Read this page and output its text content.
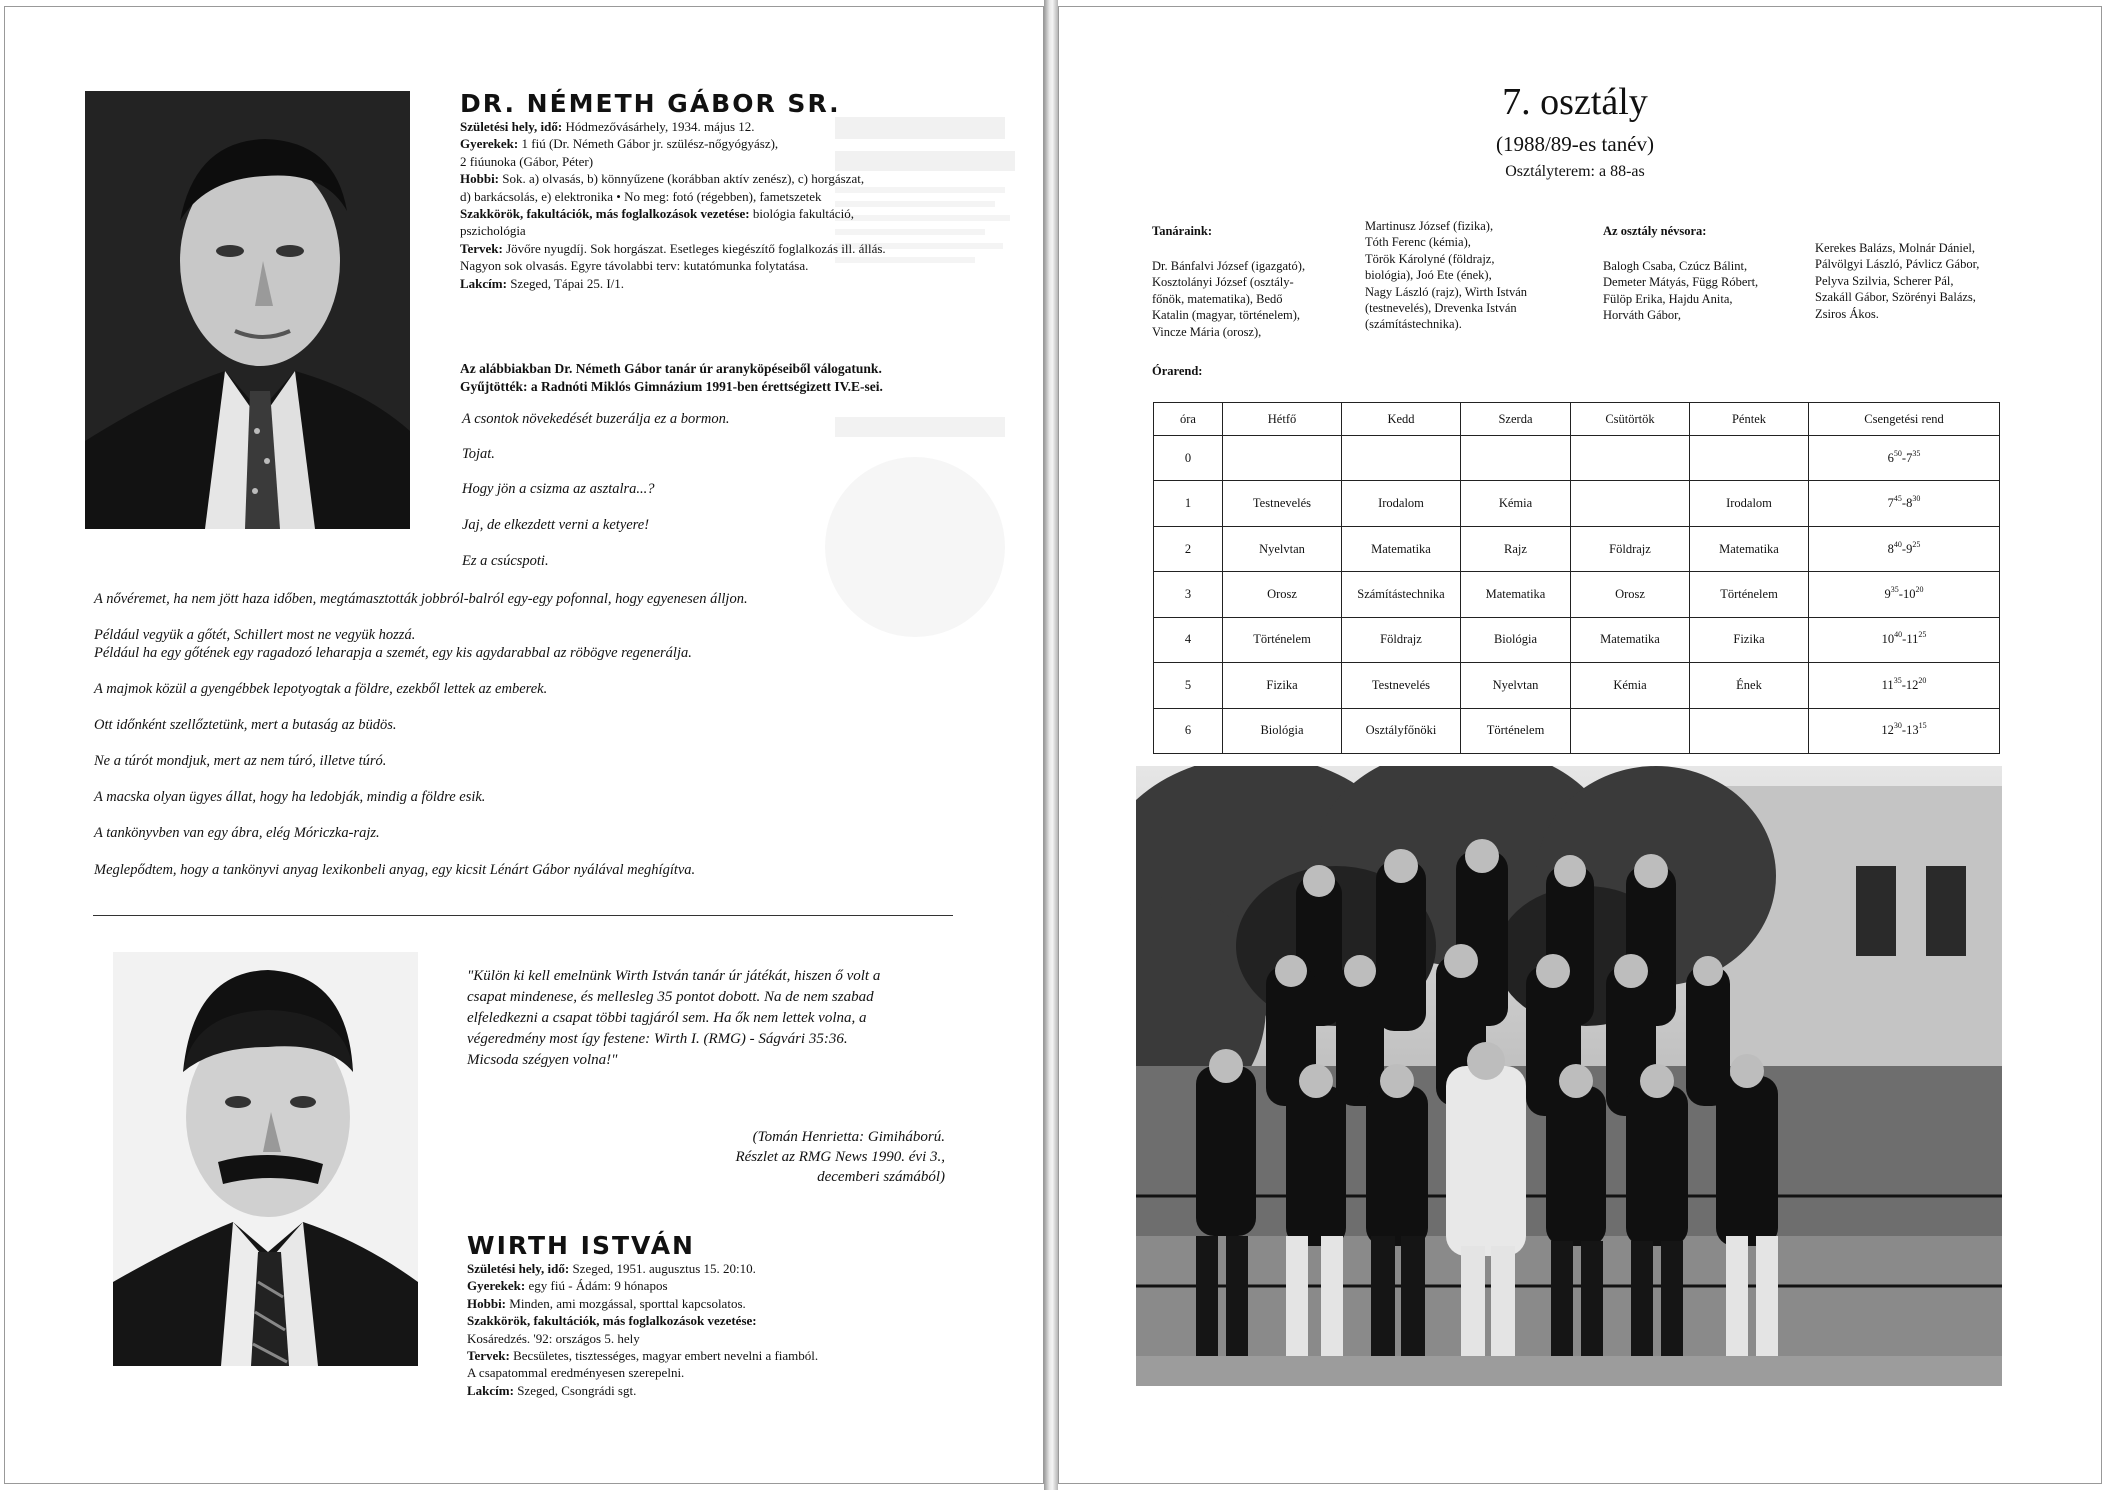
DR. NÉMETH GÁBOR SR.
Születési hely, idő: Hódmezővásárhely, 1934. május 12.
Gyerekek: 1 fiú (Dr. Németh Gábor jr. szülész-nőgyógyász),
2 fiúunoka (Gábor, Péter)
Hobbi: Sok. a) olvasás, b) könnyűzene (korábban aktív zenész), c) horgászat,
d) barkácsolás, e) elektronika • No meg: fotó (régebben), fametszetek
Szakkörök, fakultációk, más foglalkozások vezetése: biológia fakultáció,
pszichológia
Tervek: Jövőre nyugdíj. Sok horgászat. Esetleges kiegészítő foglalkozás ill. állás.
Nagyon sok olvasás. Egyre távolabbi terv: kutatómunka folytatása.
Lakcím: Szeged, Tápai 25. I/1.
Az alábbiakban Dr. Németh Gábor tanár úr aranyköpéseiből válogatunk.
Gyűjtötték: a Radnóti Miklós Gimnázium 1991-ben érettségizett IV.E-sei.
A csontok növekedését buzerálja ez a bormon.
Tojat.
Hogy jön a csizma az asztalra...?
Jaj, de elkezdett verni a ketyere!
Ez a csúcspoti.
A nővéremet, ha nem jött haza időben, megtámasztották jobbról-balról egy-egy pofonnal, hogy egyenesen álljon.
Például vegyük a gőtét, Schillert most ne vegyük hozzá.
Például ha egy gőtének egy ragadozó leharapja a szemét, egy kis agydarabbal az röbögve regenerálja.
A majmok közül a gyengébbek lepotyogtak a földre, ezekből lettek az emberek.
Ott időnként szellőztetünk, mert a butaság az büdös.
Ne a túrót mondjuk, mert az nem túró, illetve túró.
A macska olyan ügyes állat, hogy ha ledobják, mindig a földre esik.
A tankönyvben van egy ábra, elég Móriczka-rajz.
Meglepődtem, hogy a tankönyvi anyag lexikonbeli anyag, egy kicsit Lénárt Gábor nyálával meghígítva.
"Külön ki kell emelnünk Wirth István tanár úr játékát, hiszen ő volt a
csapat mindenese, és mellesleg 35 pontot dobott. Na de nem szabad
elfeledkezni a csapat többi tagjáról sem. Ha ők nem lettek volna, a
végeredmény most így festene: Wirth I. (RMG) - Ságvári 35:36.
Micsoda szégyen volna!"
(Tomán Henrietta: Gimiháború.
Részlet az RMG News 1990. évi 3.,
decemberi számából)
WIRTH ISTVÁN
Születési hely, idő: Szeged, 1951. augusztus 15. 20:10.
Gyerekek: egy fiú - Ádám: 9 hónapos
Hobbi: Minden, ami mozgással, sporttal kapcsolatos.
Szakkörök, fakultációk, más foglalkozások vezetése:
Kosáredzés. '92: országos 5. hely
Tervek: Becsületes, tisztességes, magyar embert nevelni a fiamból.
A csapatommal eredményesen szerepelni.
Lakcím: Szeged, Csongrádi sgt.
7. osztály
(1988/89-es tanév)
Osztályterem: a 88-as
Tanáraink:
Dr. Bánfalvi József (igazgató),
Kosztolányi József (osztály-
főnök, matematika), Bedő
Katalin (magyar, történelem),
Vincze Mária (orosz),
Martinusz József (fizika),
Tóth Ferenc (kémia),
Török Károlyné (földrajz,
biológia), Joó Ete (ének),
Nagy László (rajz), Wirth István
(testnevelés), Drevenka István
(számítástechnika).
Az osztály névsora:
Balogh Csaba, Czúcz Bálint,
Demeter Mátyás, Függ Róbert,
Fülöp Erika, Hajdu Anita,
Horváth Gábor,
Kerekes Balázs, Molnár Dániel,
Pálvölgyi László, Pávlicz Gábor,
Pelyva Szilvia, Scherer Pál,
Szakáll Gábor, Szörényi Balázs,
Zsiros Ákos.
Órarend:
óra	Hétfő	Kedd	Szerda	Csütörtök	Péntek	Csengetési rend
0						$6^{50}-7^{35}$
1	Testnevelés	Irodalom	Kémia		Irodalom	$7^{45}-8^{30}$
2	Nyelvtan	Matematika	Rajz	Földrajz	Matematika	$8^{40}-9^{25}$
3	Orosz	Számítástechnika	Matematika	Orosz	Történelem	$9^{35}-10^{20}$
4	Történelem	Földrajz	Biológia	Matematika	Fizika	$10^{40}-11^{25}$
5	Fizika	Testnevelés	Nyelvtan	Kémia	Ének	$11^{35}-12^{20}$
6	Biológia	Osztályfőnöki	Történelem			$12^{30}-13^{15}$
